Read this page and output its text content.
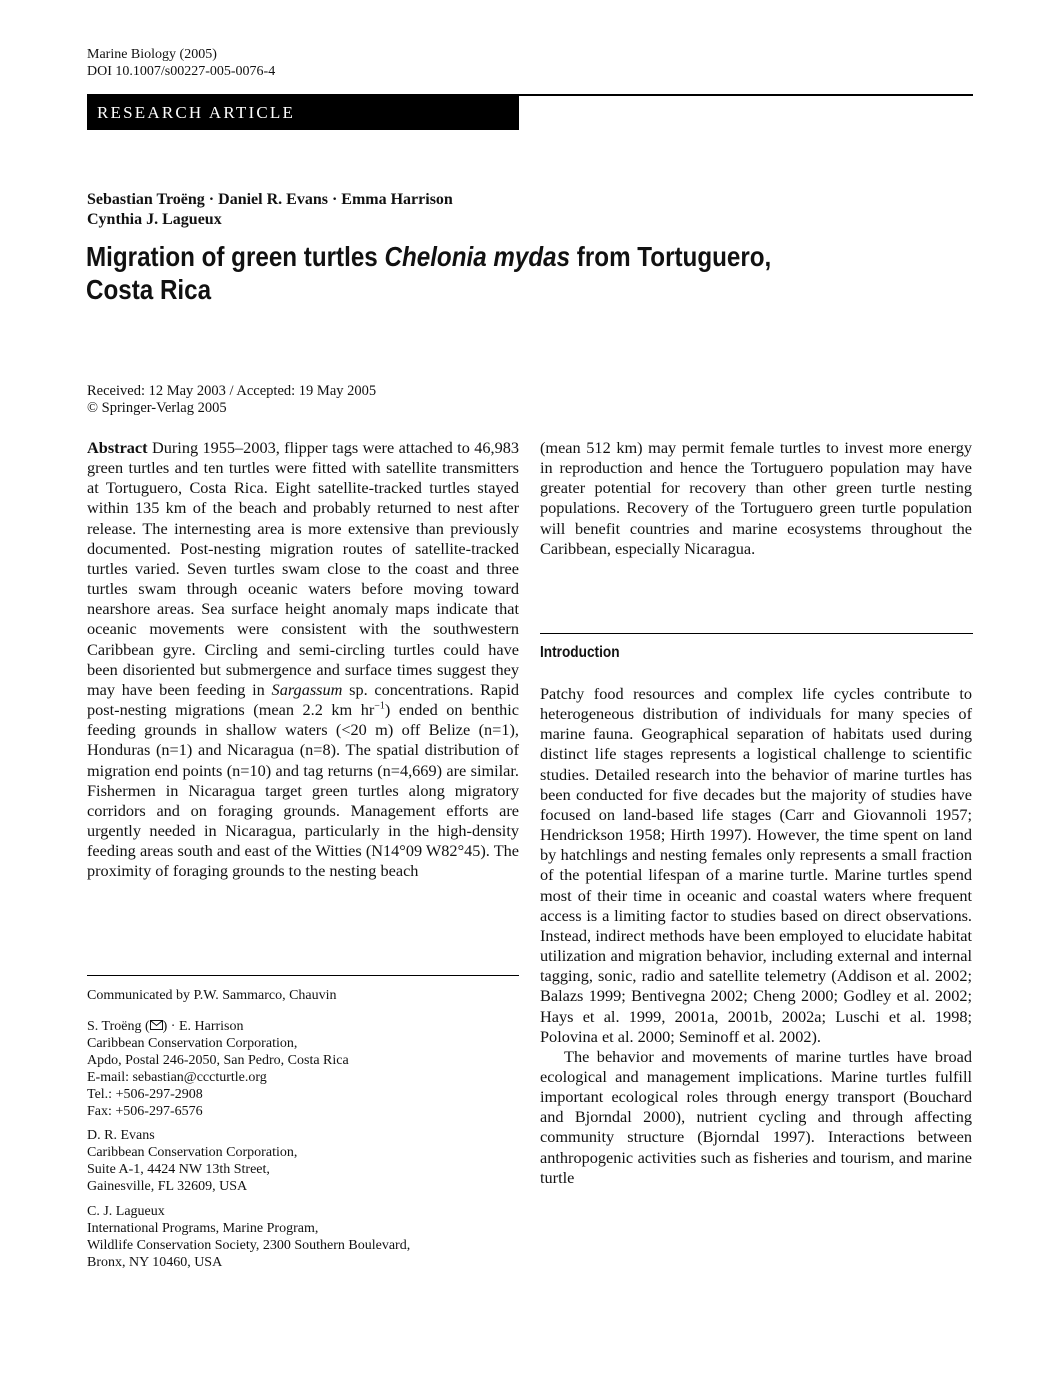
Marine Biology (2005)
DOI 10.1007/s00227-005-0076-4
RESEARCH ARTICLE
Sebastian Troëng · Daniel R. Evans · Emma Harrison
Cynthia J. Lagueux
Migration of green turtles Chelonia mydas from Tortuguero,
Costa Rica
Received: 12 May 2003 / Accepted: 19 May 2005
© Springer-Verlag 2005

Abstract During 1955–2003, flipper tags were attached to 46,983 green turtles and ten turtles were fitted with satellite transmitters at Tortuguero, Costa Rica. Eight satellite-tracked turtles stayed within 135 km of the beach and probably returned to nest after release. The internesting area is more extensive than previously documented. Post-nesting migration routes of satellite-tracked turtles varied. Seven turtles swam close to the coast and three turtles swam through oceanic waters before moving toward nearshore areas. Sea surface height anomaly maps indicate that oceanic movements were consistent with the southwestern Caribbean gyre. Circling and semi-circling turtles could have been disoriented but submergence and surface times suggest they may have been feeding in Sargassum sp. concentrations. Rapid post-nesting migrations (mean 2.2 km $hr^{-1}$) ended on benthic feeding grounds in shallow waters (<20 m) off Belize (n=1), Honduras (n=1) and Nicaragua (n=8). The spatial distribution of migration end points (n=10) and tag returns (n=4,669) are similar. Fishermen in Nicaragua target green turtles along migratory corridors and on foraging grounds. Management efforts are urgently needed in Nicaragua, particularly in the high-density feeding areas south and east of the Witties (N14°09 W82°45). The proximity of foraging grounds to the nesting beach

Communicated by P.W. Sammarco, Chauvin
S. Troëng ( ) · E. Harrison
Caribbean Conservation Corporation,
Apdo, Postal 246-2050, San Pedro, Costa Rica
E-mail: sebastian@cccturtle.org
Tel.: +506-297-2908
Fax: +506-297-6576
D. R. Evans
Caribbean Conservation Corporation,
Suite A-1, 4424 NW 13th Street,
Gainesville, FL 32609, USA
C. J. Lagueux
International Programs, Marine Program,
Wildlife Conservation Society, 2300 Southern Boulevard,
Bronx, NY 10460, USA

(mean 512 km) may permit female turtles to invest more energy in reproduction and hence the Tortuguero population may have greater potential for recovery than other green turtle nesting populations. Recovery of the Tortuguero green turtle population will benefit countries and marine ecosystems throughout the Caribbean, especially Nicaragua.

Introduction

Patchy food resources and complex life cycles contribute to heterogeneous distribution of individuals for many species of marine fauna. Geographical separation of habitats used during distinct life stages represents a logistical challenge to scientific studies. Detailed research into the behavior of marine turtles has been conducted for five decades but the majority of studies have focused on land-based life stages (Carr and Giovannoli 1957; Hendrickson 1958; Hirth 1997). However, the time spent on land by hatchlings and nesting females only represents a small fraction of the potential lifespan of a marine turtle. Marine turtles spend most of their time in oceanic and coastal waters where frequent access is a limiting factor to studies based on direct observations. Instead, indirect methods have been employed to elucidate habitat utilization and migration behavior, including external and internal tagging, sonic, radio and satellite telemetry (Addison et al. 2002; Balazs 1999; Bentivegna 2002; Cheng 2000; Godley et al. 2002; Hays et al. 1999, 2001a, 2001b, 2002a; Luschi et al. 1998; Polovina et al. 2000; Seminoff et al. 2002).

The behavior and movements of marine turtles have broad ecological and management implications. Marine turtles fulfill important ecological roles through energy transport (Bouchard and Bjorndal 2000), nutrient cycling and through affecting community structure (Bjorndal 1997). Interactions between anthropogenic activities such as fisheries and tourism, and marine turtle
